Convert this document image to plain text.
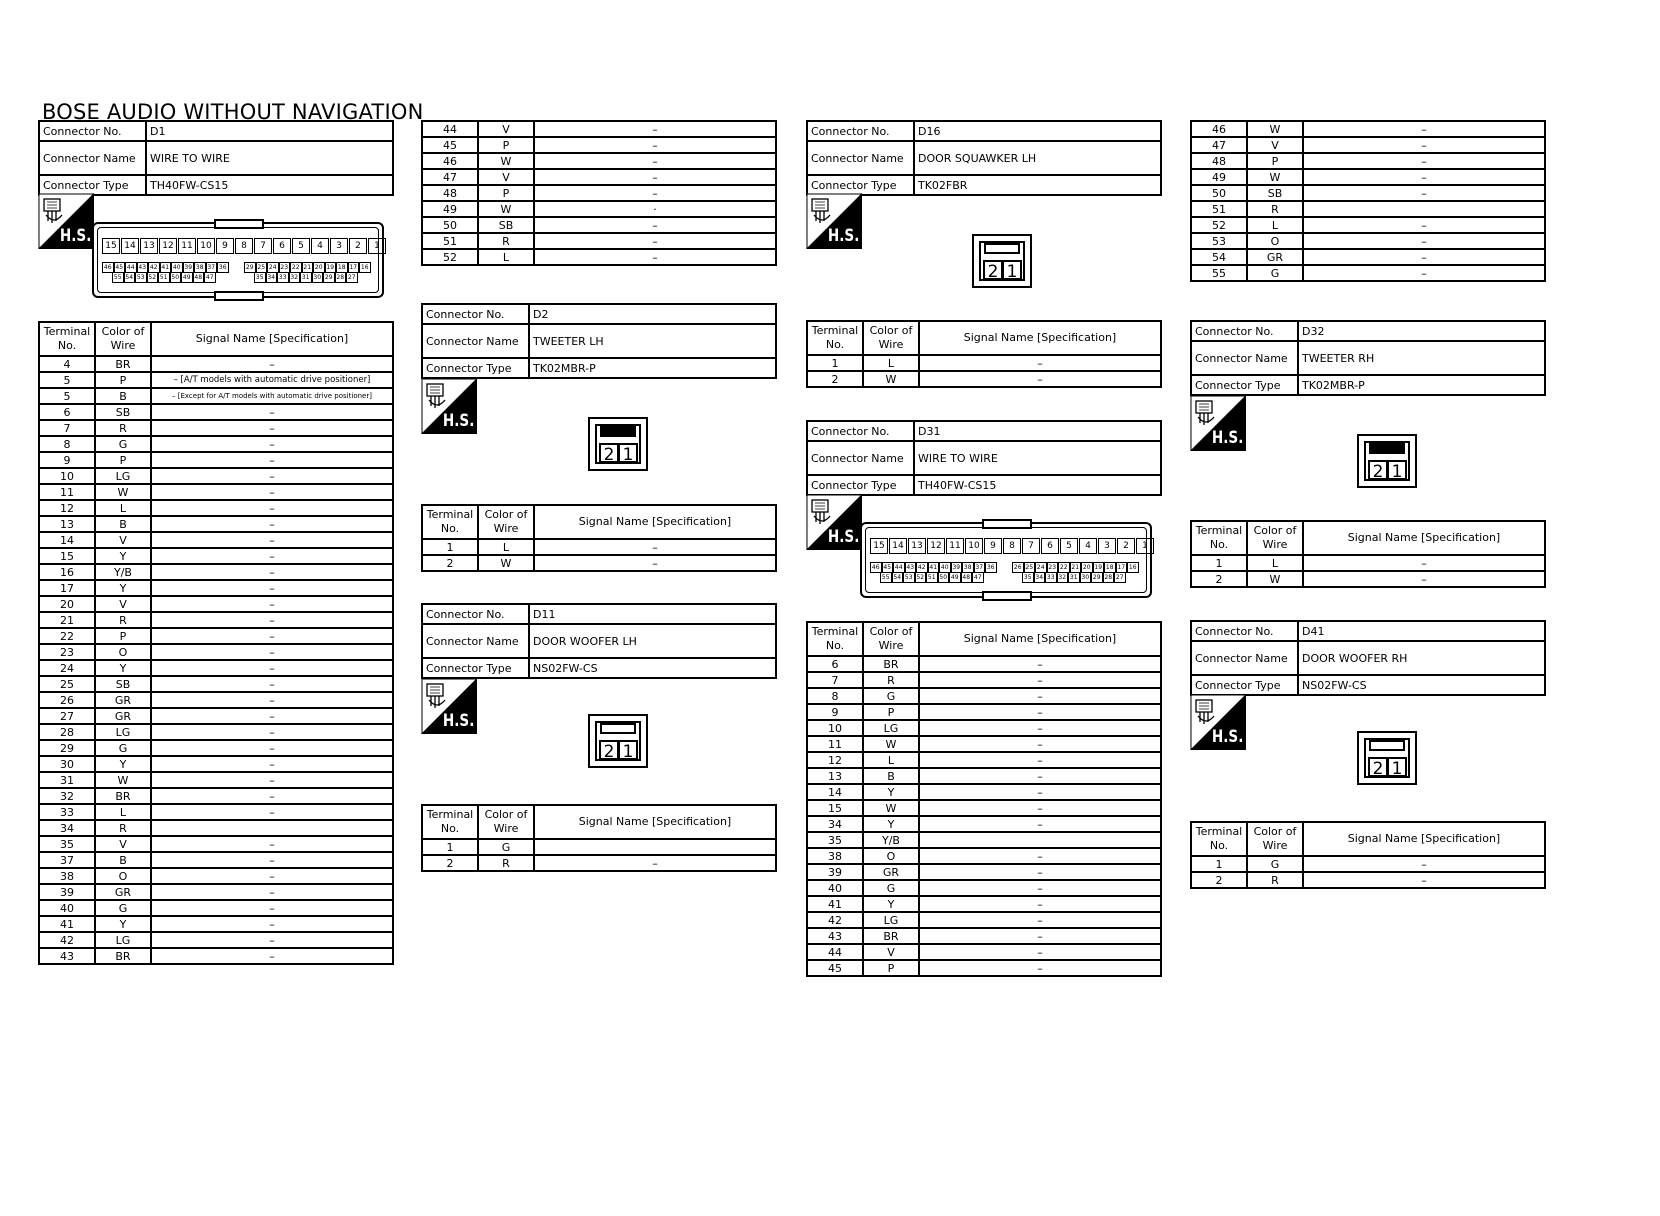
BOSE AUDIO WITHOUT NAVIGATION
Connector No.	D1
Connector Name	WIRE TO WIRE
Connector Type	TH40FW-CS15
H.S.	15 14 13 12 11 10	9	8	7	6	5	4	3	2	1
46 45 44 43 42 41 40 39 38 37 36	29 25 24 23 22 21 20 19 18 17 16
55 54 53 52 51 50 49 48 47	35 34 33 32 31 30 29 28 27
Terminal No.	Color of Wire	Signal Name [Specification]
4	BR	–
5	P	– [A/T models with automatic drive positioner]
5	B	– [Except for A/T models with automatic drive positioner]
6	SB	–
7	R	–
8	G	–
9	P	–
10	LG	–
11	W	–
12	L	–
13	B	–
14	V	–
15	Y	–
16	Y/B	–
17	Y	–
20	V	–
21	R	–
22	P	–
23	O	–
24	Y	–
25	SB	–
26	GR	–
27	GR	–
28	LG	–
29	G	–
30	Y	–
31	W	–
32	BR	–
33	L	–
34	R	
35	V	–
37	B	–
38	O	–
39	GR	–
40	G	–
41	Y	–
42	LG	–
43	BR	–
44	V	–
45	P	–
46	W	–
47	V	–
48	P	–
49	W	·
50	SB	–
51	R	–
52	L	–
Connector No.	D2
Connector Name	TWEETER LH
Connector Type	TK02MBR-P
H.S.
2 1
Terminal No.	Color of Wire	Signal Name [Specification]
1	L	–
2	W	–
Connector No.	D11
Connector Name	DOOR WOOFER LH
Connector Type	NS02FW-CS
H.S.
2 1
Terminal No.	Color of Wire	Signal Name [Specification]
1	G	
2	R	–
Connector No.	D16
Connector Name	DOOR SQUAWKER LH
Connector Type	TK02FBR
H.S.
2 1
Terminal No.	Color of Wire	Signal Name [Specification]
1	L	–
2	W	–
Connector No.	D31
Connector Name	WIRE TO WIRE
Connector Type	TH40FW-CS15
H.S.	15 14 13 12 11 10	9	8	7	6	5	4	3	2	1
46 45 44 43 42 41 40 39 38 37 36	26 25 24 23 22 21 20 19 18 17 16
55 54 53 52 51 50 49 48 47	35 34 33 32 31 30 29 28 27
Terminal No.	Color of Wire	Signal Name [Specification]
6	BR	–
7	R	–
8	G	–
9	P	–
10	LG	–
11	W	–
12	L	–
13	B	–
14	Y	–
15	W	–
34	Y	–
35	Y/B	
38	O	–
39	GR	–
40	G	–
41	Y	–
42	LG	–
43	BR	–
44	V	–
45	P	–
46	W	–
47	V	–
48	P	–
49	W	–
50	SB	–
51	R	
52	L	–
53	O	–
54	GR	–
55	G	–
Connector No.	D32
Connector Name	TWEETER RH
Connector Type	TK02MBR-P
H.S.
2 1
Terminal No.	Color of Wire	Signal Name [Specification]
1	L	–
2	W	–
Connector No.	D41
Connector Name	DOOR WOOFER RH
Connector Type	NS02FW-CS
H.S.
2 1
Terminal No.	Color of Wire	Signal Name [Specification]
1	G	–
2	R	–
